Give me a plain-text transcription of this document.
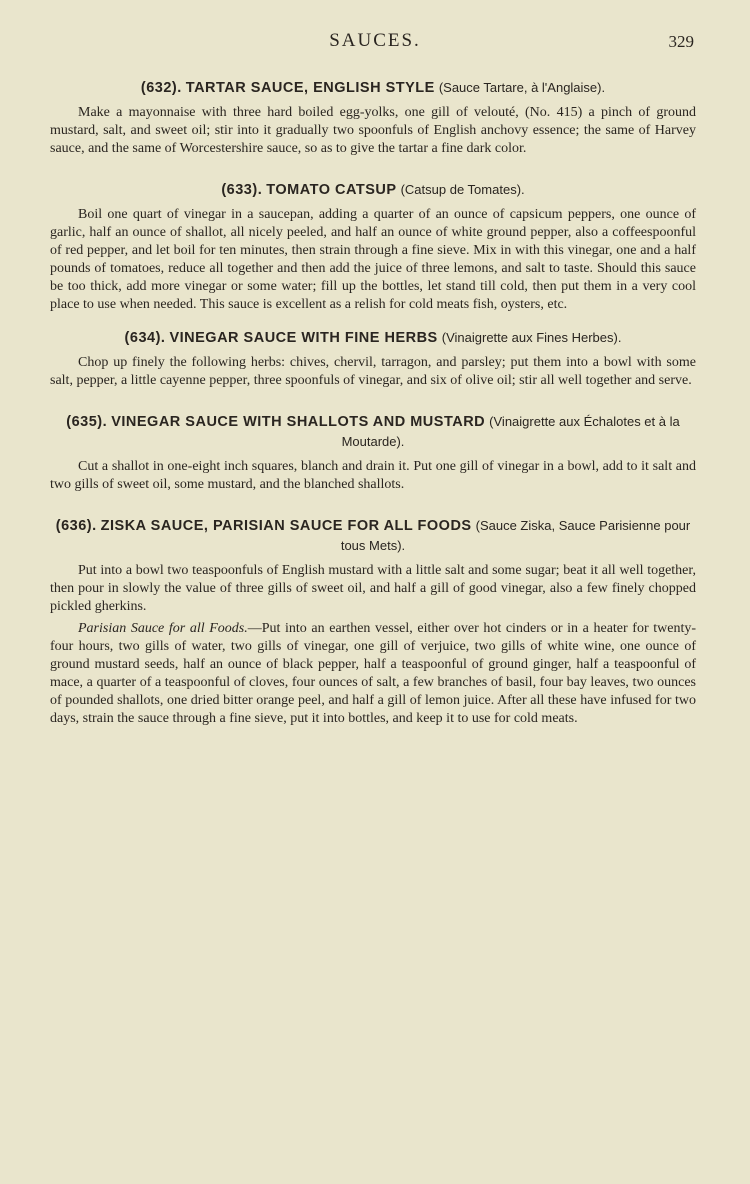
SAUCES.	329
(632). TARTAR SAUCE, ENGLISH STYLE (Sauce Tartare, à l'Anglaise).

Make a mayonnaise with three hard boiled egg-yolks, one gill of velouté, (No. 415) a pinch of ground mustard, salt, and sweet oil; stir into it gradually two spoonfuls of English anchovy essence; the same of Harvey sauce, and the same of Worcestershire sauce, so as to give the tartar a fine dark color.

(633). TOMATO CATSUP (Catsup de Tomates).

Boil one quart of vinegar in a saucepan, adding a quarter of an ounce of capsicum peppers, one ounce of garlic, half an ounce of shallot, all nicely peeled, and half an ounce of white ground pepper, also a coffeespoonful of red pepper, and let boil for ten minutes, then strain through a fine sieve. Mix in with this vinegar, one and a half pounds of tomatoes, reduce all together and then add the juice of three lemons, and salt to taste. Should this sauce be too thick, add more vinegar or some water; fill up the bottles, let stand till cold, then put them in a very cool place to use when needed. This sauce is excellent as a relish for cold meats fish, oysters, etc.

(634). VINEGAR SAUCE WITH FINE HERBS (Vinaigrette aux Fines Herbes).

Chop up finely the following herbs: chives, chervil, tarragon, and parsley; put them into a bowl with some salt, pepper, a little cayenne pepper, three spoonfuls of vinegar, and six of olive oil; stir all well together and serve.

(635). VINEGAR SAUCE WITH SHALLOTS AND MUSTARD (Vinaigrette aux Échalotes et à la Moutarde).

Cut a shallot in one-eight inch squares, blanch and drain it. Put one gill of vinegar in a bowl, add to it salt and two gills of sweet oil, some mustard, and the blanched shallots.

(636). ZISKA SAUCE, PARISIAN SAUCE FOR ALL FOODS (Sauce Ziska, Sauce Parisienne pour tous Mets).

Put into a bowl two teaspoonfuls of English mustard with a little salt and some sugar; beat it all well together, then pour in slowly the value of three gills of sweet oil, and half a gill of good vinegar, also a few finely chopped pickled gherkins.

Parisian Sauce for all Foods.—Put into an earthen vessel, either over hot cinders or in a heater for twenty-four hours, two gills of water, two gills of vinegar, one gill of verjuice, two gills of white wine, one ounce of ground mustard seeds, half an ounce of black pepper, half a teaspoonful of ground ginger, half a teaspoonful of mace, a quarter of a teaspoonful of cloves, four ounces of salt, a few branches of basil, four bay leaves, two ounces of pounded shallots, one dried bitter orange peel, and half a gill of lemon juice. After all these have infused for two days, strain the sauce through a fine sieve, put it into bottles, and keep it to use for cold meats.
